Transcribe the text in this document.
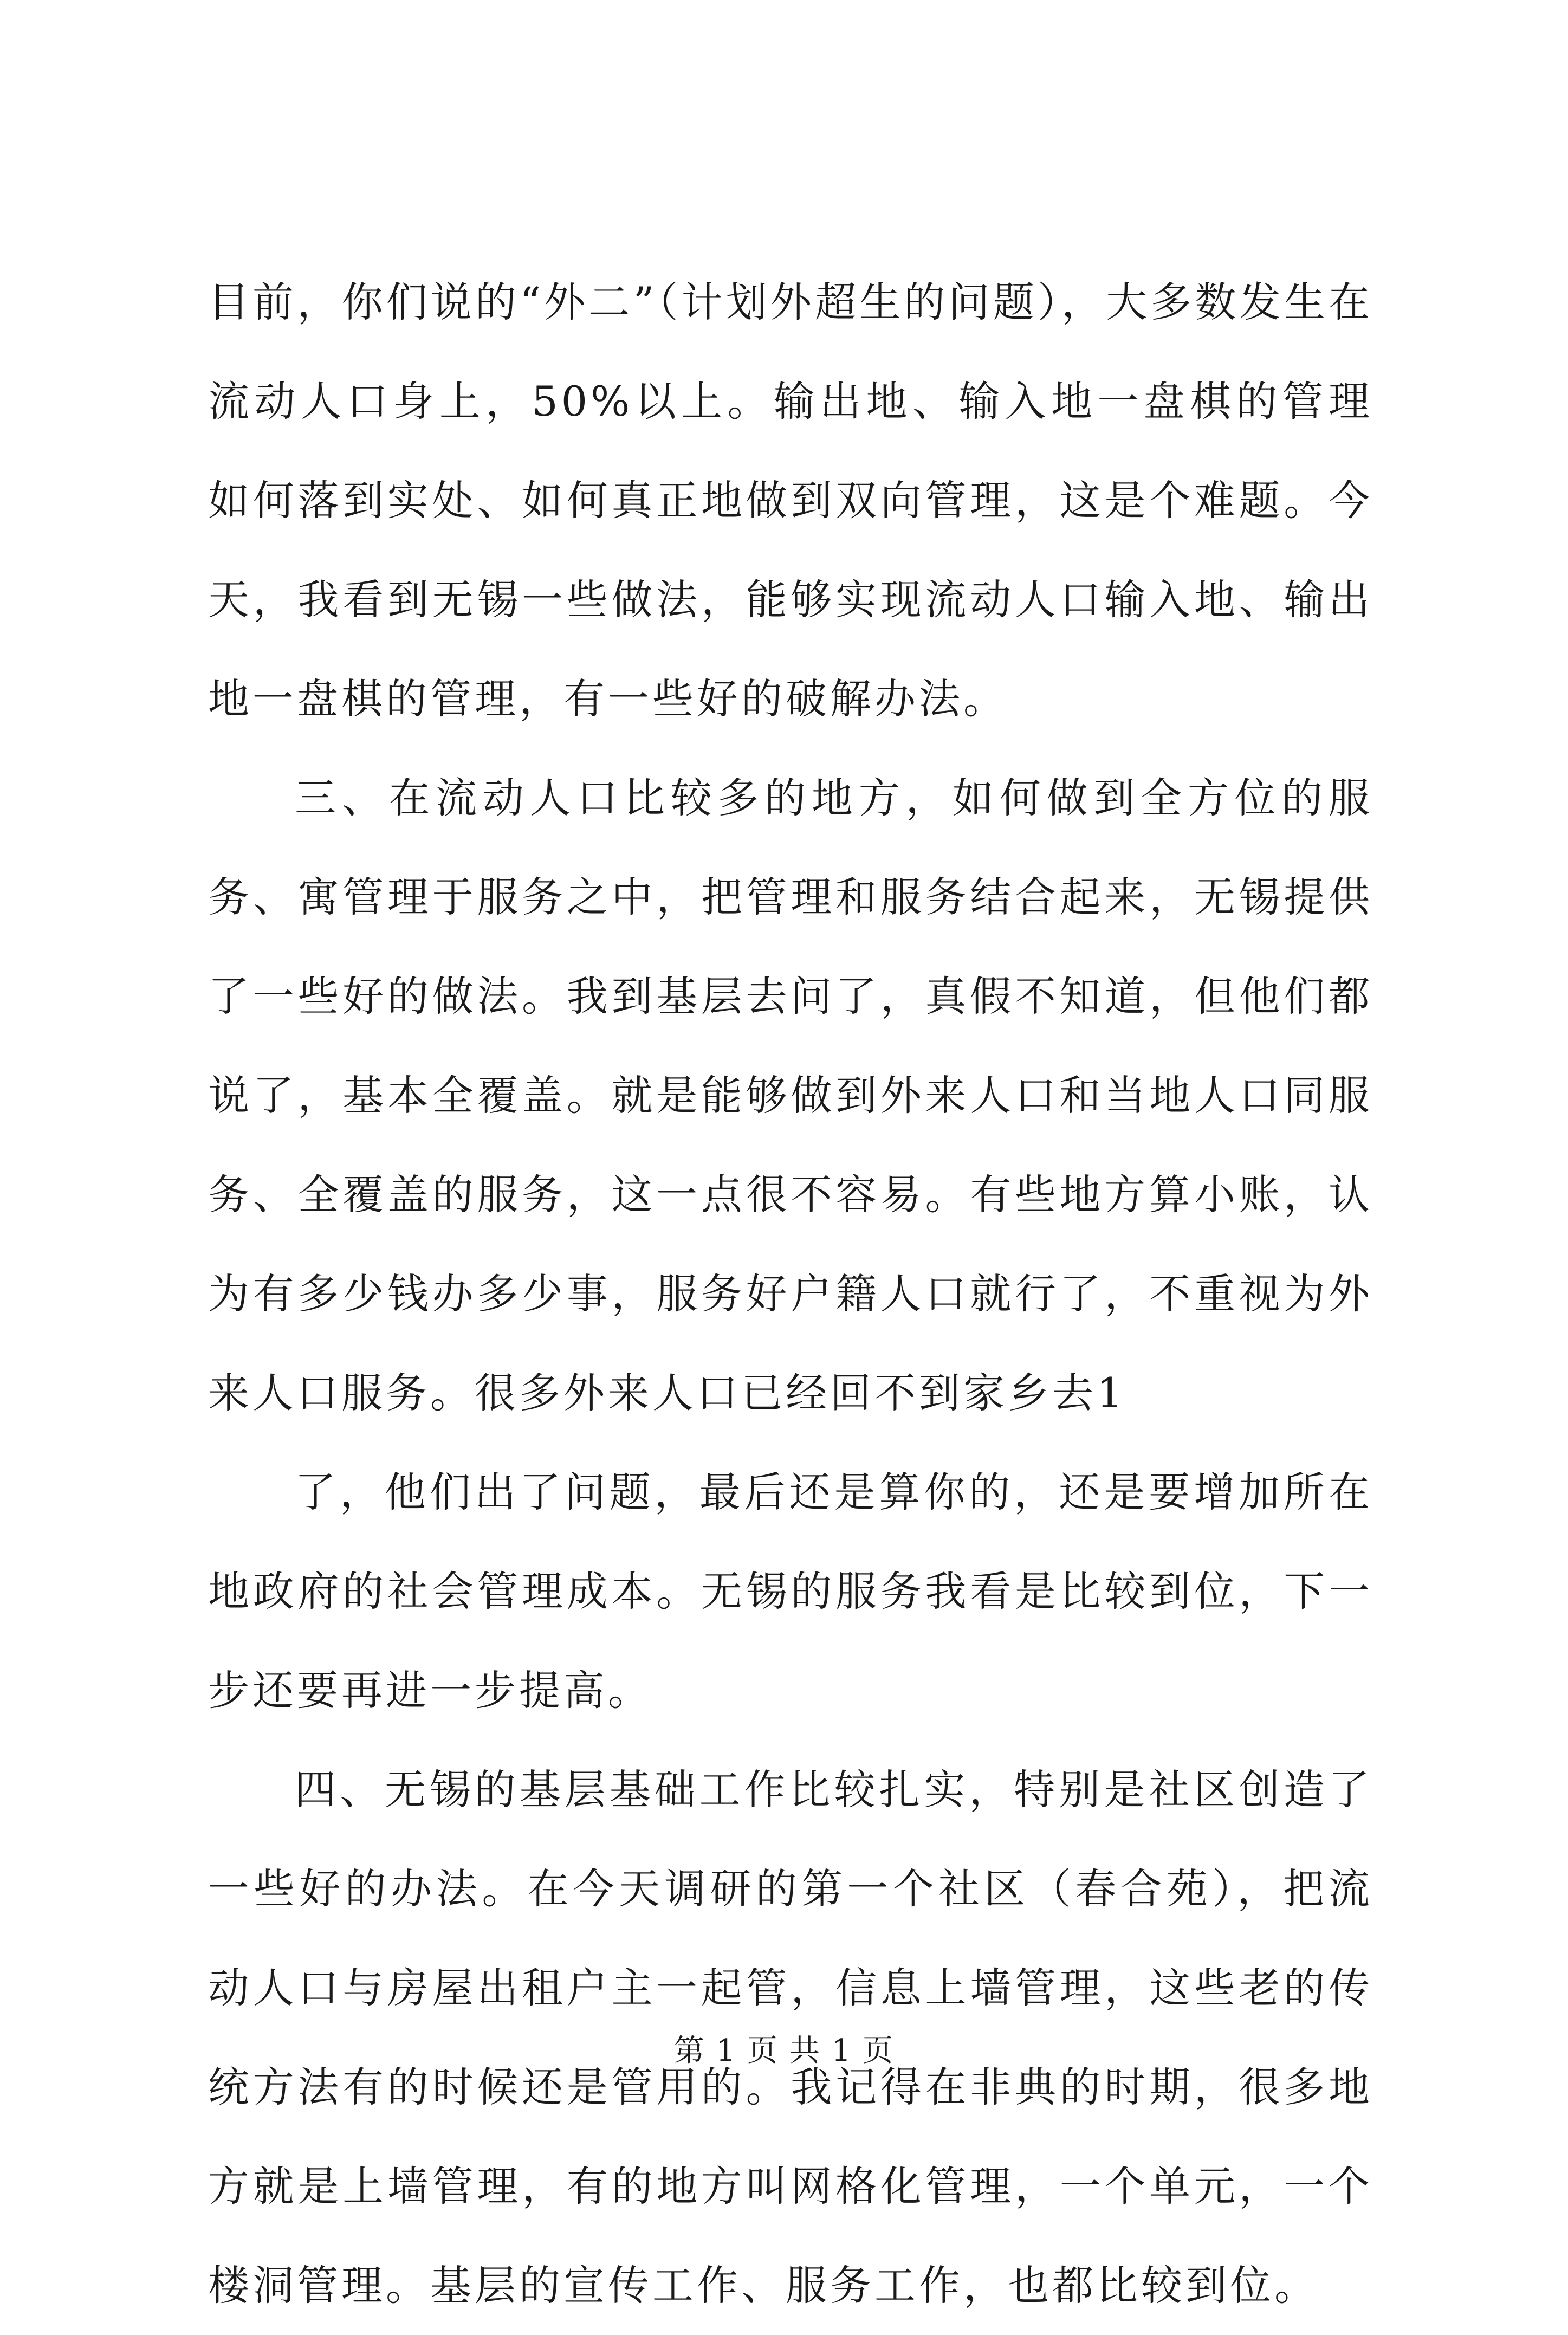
目前，你们说的“外二”（计划外超生的问题），大多数发生在流动人口身上，50%以上。输出地、输入地一盘棋的管理如何落到实处、如何真正地做到双向管理，这是个难题。今天，我看到无锡一些做法，能够实现流动人口输入地、输出地一盘棋的管理，有一些好的破解办法。

三、在流动人口比较多的地方，如何做到全方位的服务、寓管理于服务之中，把管理和服务结合起来，无锡提供了一些好的做法。我到基层去问了，真假不知道，但他们都说了，基本全覆盖。就是能够做到外来人口和当地人口同服务、全覆盖的服务，这一点很不容易。有些地方算小账，认为有多少钱办多少事，服务好户籍人口就行了，不重视为外来人口服务。很多外来人口已经回不到家乡去1

了，他们出了问题，最后还是算你的，还是要增加所在地政府的社会管理成本。无锡的服务我看是比较到位，下一步还要再进一步提高。

四、无锡的基层基础工作比较扎实，特别是社区创造了一些好的办法。在今天调研的第一个社区（春合苑），把流动人口与房屋出租户主一起管，信息上墙管理，这些老的传统方法有的时候还是管用的。我记得在非典的时期，很多地方就是上墙管理，有的地方叫网格化管理，一个单元，一个楼洞管理。基层的宣传工作、服务工作，也都比较到位。

第 1 页 共 1 页
